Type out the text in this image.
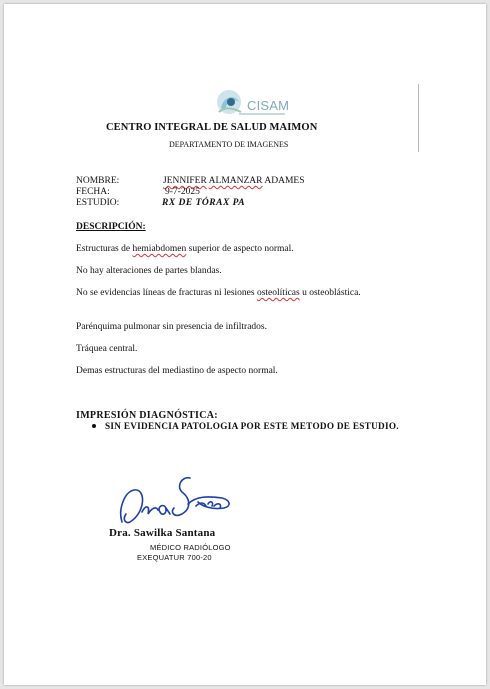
CISAM
CENTRO INTEGRAL DE SALUD MAIMON
DEPARTAMENTO DE IMAGENES
NOMBRE:	JENNIFER ALMANZAR ADAMES
FECHA:	9-7-2025
ESTUDIO:	RX DE TÓRAX PA
DESCRIPCIÓN:
Estructuras de hemiabdomen superior de aspecto normal.
No hay alteraciones de partes blandas.
No se evidencias líneas de fracturas ni lesiones osteolíticas u osteoblástica.
Parénquima pulmonar sin presencia de infiltrados.
Tráquea central.
Demas estructuras del mediastino de aspecto normal.
IMPRESIÓN DIAGNÓSTICA:
SIN EVIDENCIA PATOLOGIA POR ESTE METODO DE ESTUDIO.
Dra. Sawilka Santana
MÉDICO RADIÓLOGO
EXEQUATUR 700-20
